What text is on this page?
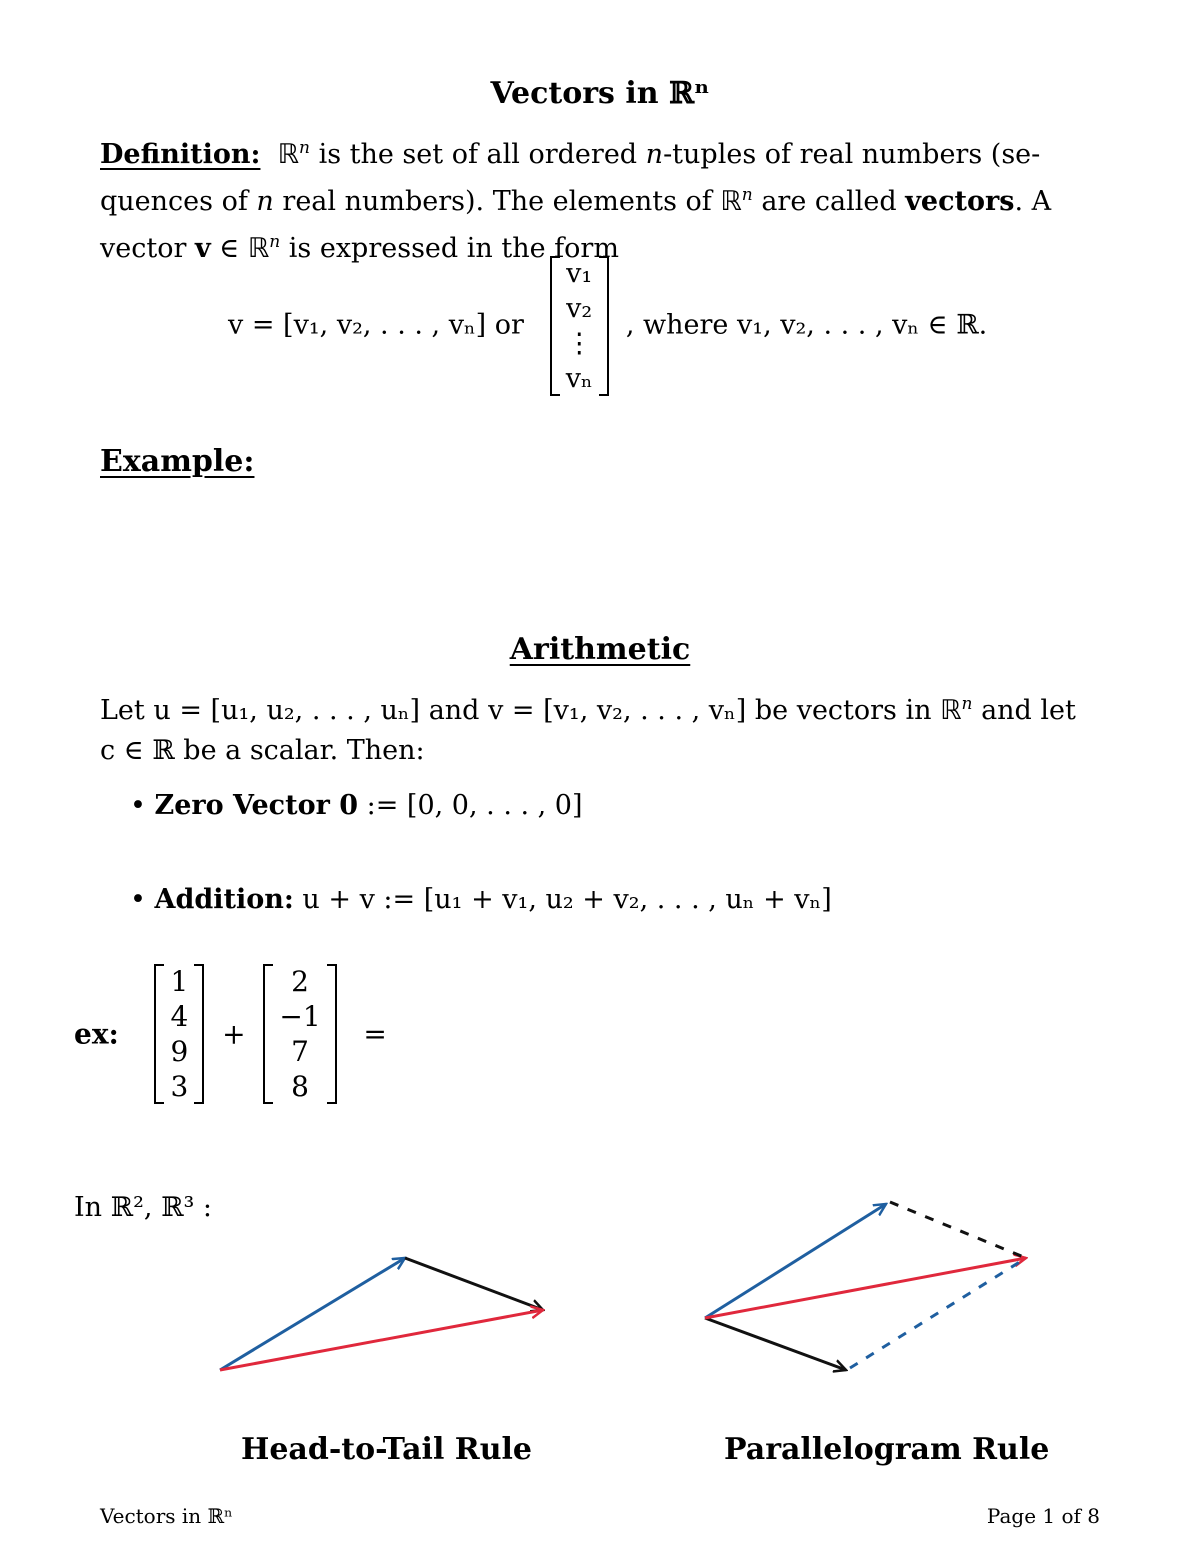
Vectors in ℝⁿ
Definition: ℝ$^n$ is the set of all ordered n-tuples of real numbers (se-
quences of n real numbers). The elements of ℝ$^n$ are called vectors. A
vector v ∈ ℝ$^n$ is expressed in the form
v = [v₁, v₂, . . . , vₙ] or
v₁
v₂
⋮
vₙ
, where v₁, v₂, . . . , vₙ ∈ ℝ.
Example:
Arithmetic
Let u = [u₁, u₂, . . . , uₙ] and v = [v₁, v₂, . . . , vₙ] be vectors in ℝ$^n$ and let
c ∈ ℝ be a scalar. Then:
• Zero Vector 0 := [0, 0, . . . , 0]
• Addition: u + v := [u₁ + v₁, u₂ + v₂, . . . , uₙ + vₙ]
ex:
1
4
9
3
+
2
−1
7
8
=
In ℝ², ℝ³ :
Head-to-Tail Rule	Parallelogram Rule
Vectors in ℝⁿ	Page 1 of 8
